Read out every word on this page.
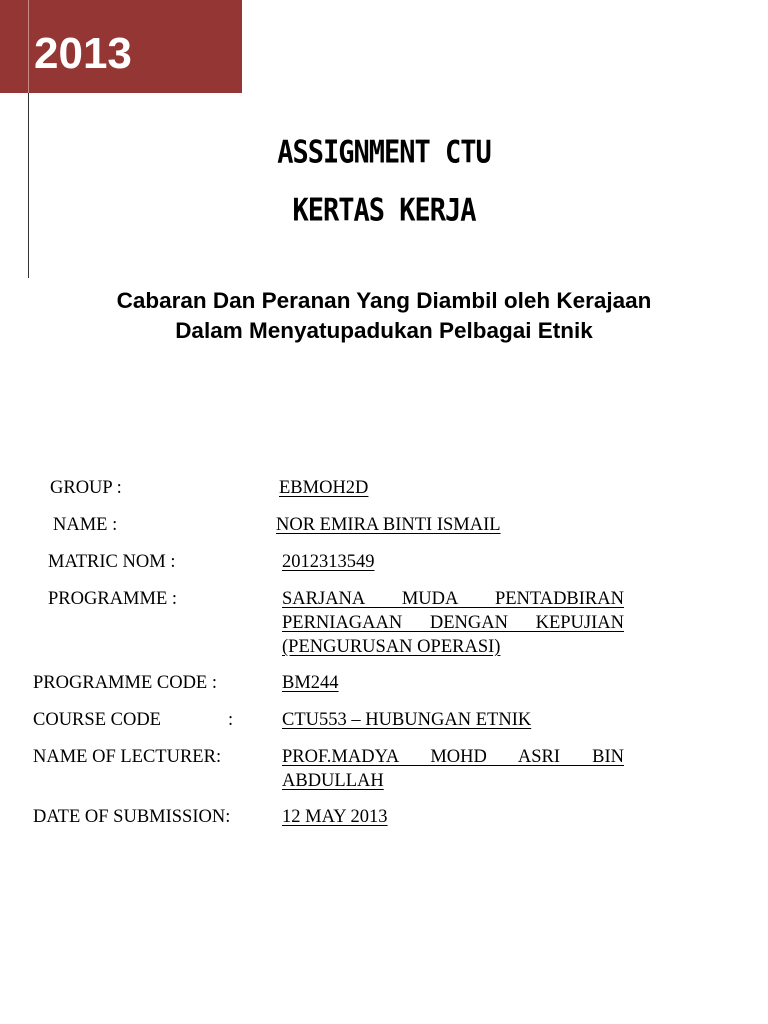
2013
ASSIGNMENT CTU
KERTAS KERJA
Cabaran Dan Peranan Yang Diambil oleh Kerajaan
Dalam Menyatupadukan Pelbagai Etnik
GROUP :	EBMOH2D
NAME :	NOR EMIRA BINTI ISMAIL
MATRIC NOM :	2012313549
PROGRAMME :	SARJANA MUDA PENTADBIRAN
PERNIAGAAN DENGAN KEPUJIAN
(PENGURUSAN OPERASI)
PROGRAMME CODE :	BM244
COURSE CODE	:	CTU553 – HUBUNGAN ETNIK
NAME OF LECTURER:	PROF.MADYA MOHD ASRI BIN
ABDULLAH
DATE OF SUBMISSION:	12 MAY 2013
